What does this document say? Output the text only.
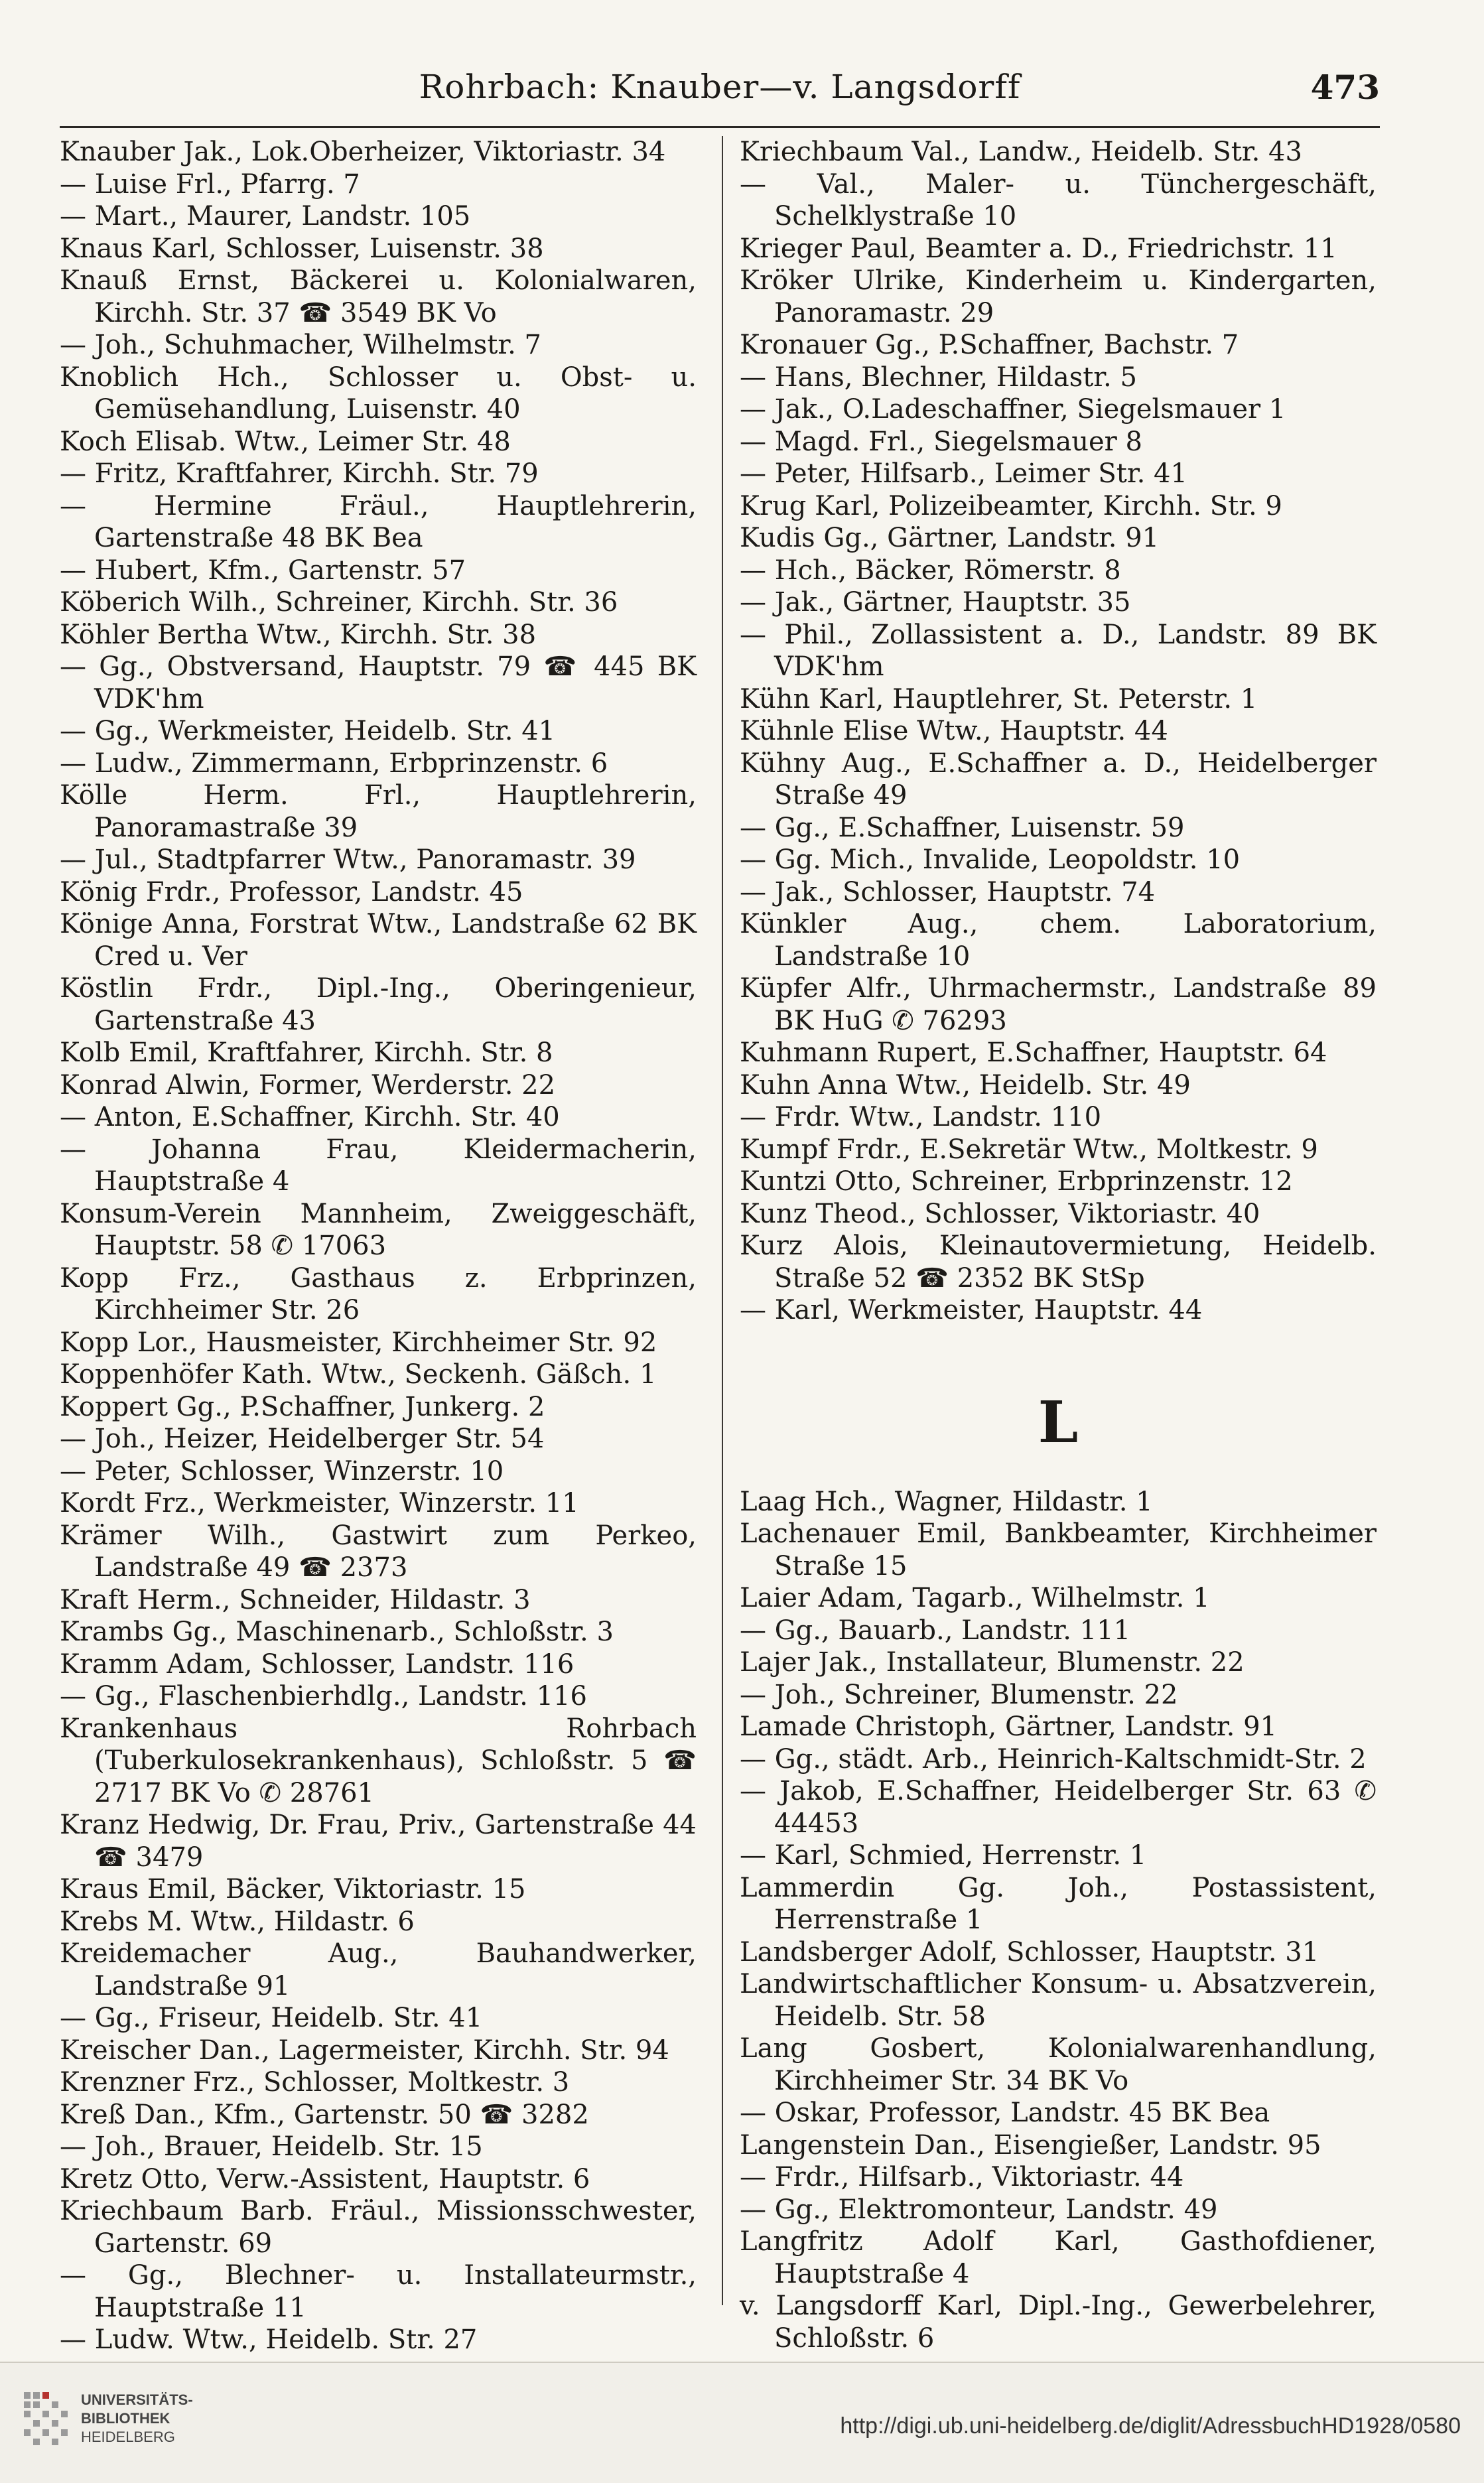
Rohrbach: Knauber—v. Langsdorff	473
Knauber Jak., Lok.Oberheizer, Viktoriastr. 34
— Luise Frl., Pfarrg. 7
— Mart., Maurer, Landstr. 105
Knaus Karl, Schlosser, Luisenstr. 38
Knauß Ernst, Bäckerei u. Kolonialwaren, Kirchh. Str. 37 ☎ 3549 BK Vo
— Joh., Schuhmacher, Wilhelmstr. 7
Knoblich Hch., Schlosser u. Obst- u. Gemüsehandlung, Luisenstr. 40
Koch Elisab. Wtw., Leimer Str. 48
— Fritz, Kraftfahrer, Kirchh. Str. 79
— Hermine Fräul., Hauptlehrerin, Gartenstraße 48 BK Bea
— Hubert, Kfm., Gartenstr. 57
Köberich Wilh., Schreiner, Kirchh. Str. 36
Köhler Bertha Wtw., Kirchh. Str. 38
— Gg., Obstversand, Hauptstr. 79 ☎ 445 BK VDK'hm
— Gg., Werkmeister, Heidelb. Str. 41
— Ludw., Zimmermann, Erbprinzenstr. 6
Kölle Herm. Frl., Hauptlehrerin, Panoramastraße 39
— Jul., Stadtpfarrer Wtw., Panoramastr. 39
König Frdr., Professor, Landstr. 45
Könige Anna, Forstrat Wtw., Landstraße 62 BK Cred u. Ver
Köstlin Frdr., Dipl.-Ing., Oberingenieur, Gartenstraße 43
Kolb Emil, Kraftfahrer, Kirchh. Str. 8
Konrad Alwin, Former, Werderstr. 22
— Anton, E.Schaffner, Kirchh. Str. 40
— Johanna Frau, Kleidermacherin, Hauptstraße 4
Konsum-Verein Mannheim, Zweiggeschäft, Hauptstr. 58 ✆ 17063
Kopp Frz., Gasthaus z. Erbprinzen, Kirchheimer Str. 26
Kopp Lor., Hausmeister, Kirchheimer Str. 92
Koppenhöfer Kath. Wtw., Seckenh. Gäßch. 1
Koppert Gg., P.Schaffner, Junkerg. 2
— Joh., Heizer, Heidelberger Str. 54
— Peter, Schlosser, Winzerstr. 10
Kordt Frz., Werkmeister, Winzerstr. 11
Krämer Wilh., Gastwirt zum Perkeo, Landstraße 49 ☎ 2373
Kraft Herm., Schneider, Hildastr. 3
Krambs Gg., Maschinenarb., Schloßstr. 3
Kramm Adam, Schlosser, Landstr. 116
— Gg., Flaschenbierhdlg., Landstr. 116
Krankenhaus Rohrbach (Tuberkulosekrankenhaus), Schloßstr. 5 ☎ 2717 BK Vo ✆ 28761
Kranz Hedwig, Dr. Frau, Priv., Gartenstraße 44 ☎ 3479
Kraus Emil, Bäcker, Viktoriastr. 15
Krebs M. Wtw., Hildastr. 6
Kreidemacher Aug., Bauhandwerker, Landstraße 91
— Gg., Friseur, Heidelb. Str. 41
Kreischer Dan., Lagermeister, Kirchh. Str. 94
Krenzner Frz., Schlosser, Moltkestr. 3
Kreß Dan., Kfm., Gartenstr. 50 ☎ 3282
— Joh., Brauer, Heidelb. Str. 15
Kretz Otto, Verw.-Assistent, Hauptstr. 6
Kriechbaum Barb. Fräul., Missionsschwester, Gartenstr. 69
— Gg., Blechner- u. Installateurmstr., Hauptstraße 11
— Ludw. Wtw., Heidelb. Str. 27
Kriechbaum Val., Landw., Heidelb. Str. 43
— Val., Maler- u. Tünchergeschäft, Schelklystraße 10
Krieger Paul, Beamter a. D., Friedrichstr. 11
Kröker Ulrike, Kinderheim u. Kindergarten, Panoramastr. 29
Kronauer Gg., P.Schaffner, Bachstr. 7
— Hans, Blechner, Hildastr. 5
— Jak., O.Ladeschaffner, Siegelsmauer 1
— Magd. Frl., Siegelsmauer 8
— Peter, Hilfsarb., Leimer Str. 41
Krug Karl, Polizeibeamter, Kirchh. Str. 9
Kudis Gg., Gärtner, Landstr. 91
— Hch., Bäcker, Römerstr. 8
— Jak., Gärtner, Hauptstr. 35
— Phil., Zollassistent a. D., Landstr. 89 BK VDK'hm
Kühn Karl, Hauptlehrer, St. Peterstr. 1
Kühnle Elise Wtw., Hauptstr. 44
Kühny Aug., E.Schaffner a. D., Heidelberger Straße 49
— Gg., E.Schaffner, Luisenstr. 59
— Gg. Mich., Invalide, Leopoldstr. 10
— Jak., Schlosser, Hauptstr. 74
Künkler Aug., chem. Laboratorium, Landstraße 10
Küpfer Alfr., Uhrmachermstr., Landstraße 89 BK HuG ✆ 76293
Kuhmann Rupert, E.Schaffner, Hauptstr. 64
Kuhn Anna Wtw., Heidelb. Str. 49
— Frdr. Wtw., Landstr. 110
Kumpf Frdr., E.Sekretär Wtw., Moltkestr. 9
Kuntzi Otto, Schreiner, Erbprinzenstr. 12
Kunz Theod., Schlosser, Viktoriastr. 40
Kurz Alois, Kleinautovermietung, Heidelb. Straße 52 ☎ 2352 BK StSp
— Karl, Werkmeister, Hauptstr. 44
L
Laag Hch., Wagner, Hildastr. 1
Lachenauer Emil, Bankbeamter, Kirchheimer Straße 15
Laier Adam, Tagarb., Wilhelmstr. 1
— Gg., Bauarb., Landstr. 111
Lajer Jak., Installateur, Blumenstr. 22
— Joh., Schreiner, Blumenstr. 22
Lamade Christoph, Gärtner, Landstr. 91
— Gg., städt. Arb., Heinrich-Kaltschmidt-Str. 2
— Jakob, E.Schaffner, Heidelberger Str. 63 ✆ 44453
— Karl, Schmied, Herrenstr. 1
Lammerdin Gg. Joh., Postassistent, Herrenstraße 1
Landsberger Adolf, Schlosser, Hauptstr. 31
Landwirtschaftlicher Konsum- u. Absatzverein, Heidelb. Str. 58
Lang Gosbert, Kolonialwarenhandlung, Kirchheimer Str. 34 BK Vo
— Oskar, Professor, Landstr. 45 BK Bea
Langenstein Dan., Eisengießer, Landstr. 95
— Frdr., Hilfsarb., Viktoriastr. 44
— Gg., Elektromonteur, Landstr. 49
Langfritz Adolf Karl, Gasthofdiener, Hauptstraße 4
v. Langsdorff Karl, Dipl.-Ing., Gewerbelehrer, Schloßstr. 6
UNIVERSITÄTS-
BIBLIOTHEK
HEIDELBERG	http://digi.ub.uni-heidelberg.de/diglit/AdressbuchHD1928/0580
